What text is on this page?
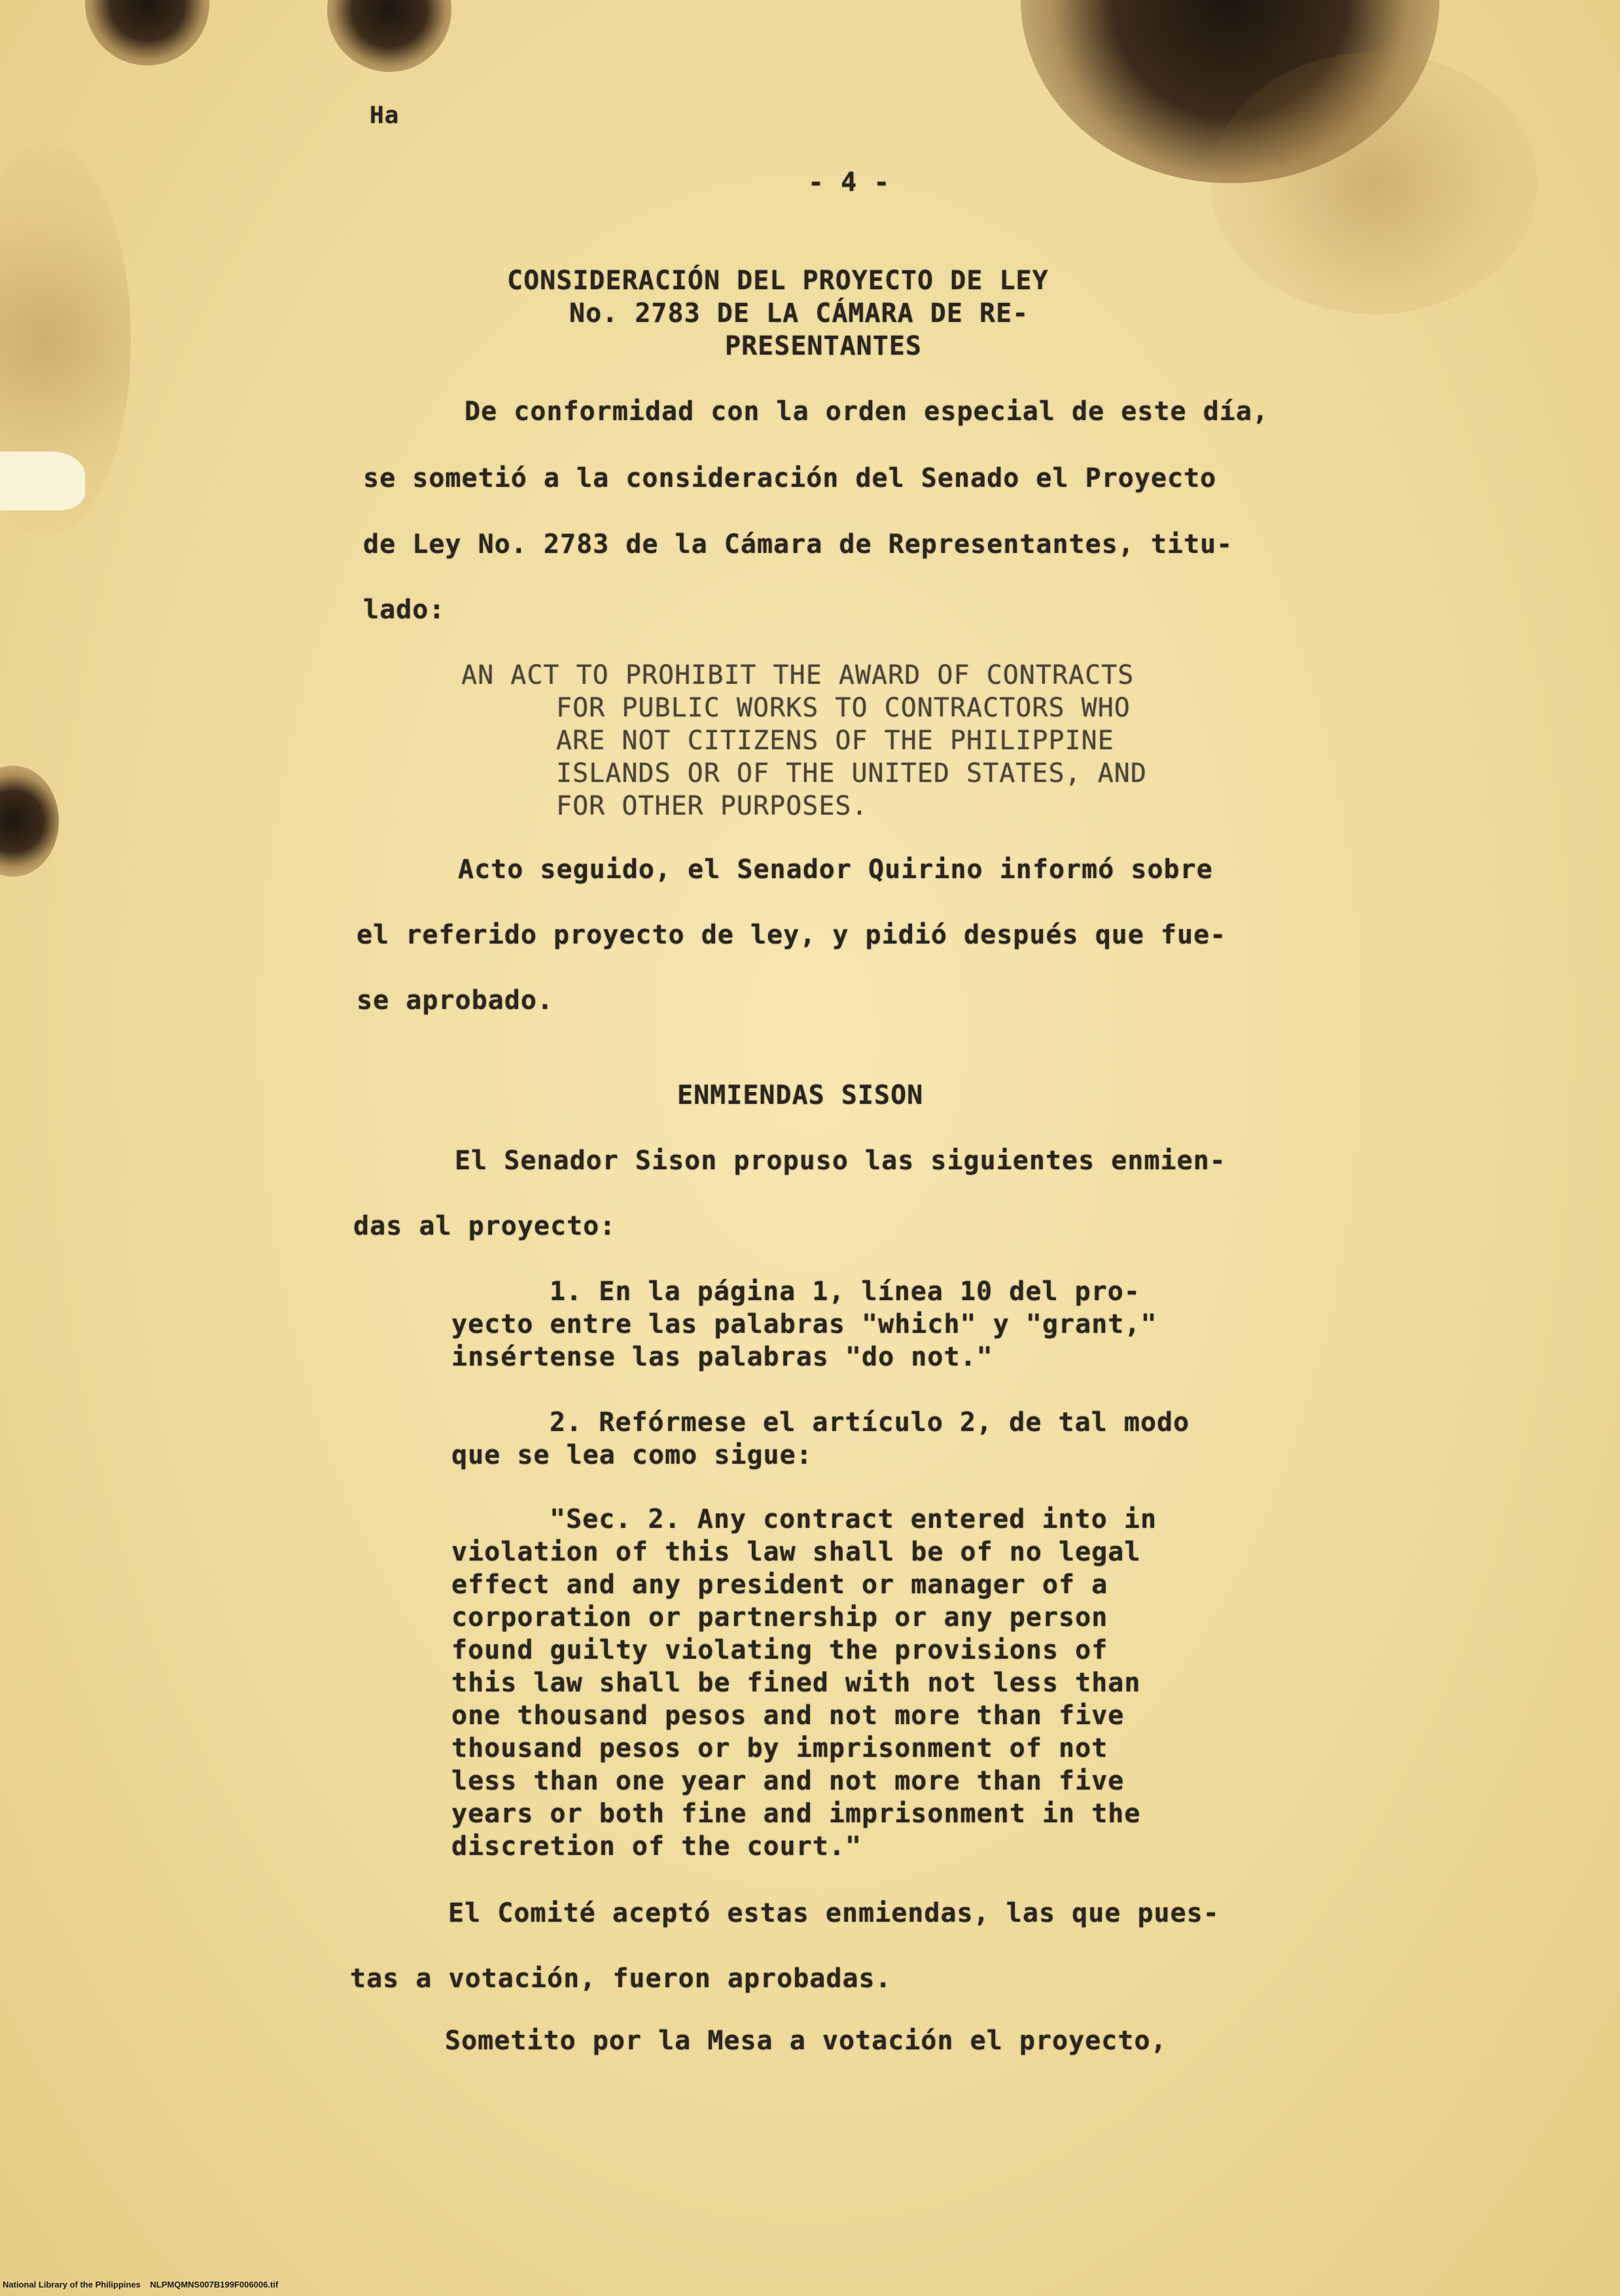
Ha
- 4 -
CONSIDERACIÓN DEL PROYECTO DE LEY
No. 2783 DE LA CÁMARA DE RE-
PRESENTANTES
De conformidad con la orden especial de este día,
se sometió a la consideración del Senado el Proyecto
de Ley No. 2783 de la Cámara de Representantes, titu-
lado:
AN ACT TO PROHIBIT THE AWARD OF CONTRACTS
FOR PUBLIC WORKS TO CONTRACTORS WHO
ARE NOT CITIZENS OF THE PHILIPPINE
ISLANDS OR OF THE UNITED STATES, AND
FOR OTHER PURPOSES.
Acto seguido, el Senador Quirino informó sobre
el referido proyecto de ley, y pidió después que fue-
se aprobado.
ENMIENDAS SISON
El Senador Sison propuso las siguientes enmien-
das al proyecto:
1. En la página 1, línea 10 del pro-
yecto entre las palabras "which" y "grant,"
insértense las palabras "do not."
2. Refórmese el artículo 2, de tal modo
que se lea como sigue:
"Sec. 2. Any contract entered into in
violation of this law shall be of no legal
effect and any president or manager of a
corporation or partnership or any person
found guilty violating the provisions of
this law shall be fined with not less than
one thousand pesos and not more than five
thousand pesos or by imprisonment of not
less than one year and not more than five
years or both fine and imprisonment in the
discretion of the court."
El Comité aceptó estas enmiendas, las que pues-
tas a votación, fueron aprobadas.
Sometito por la Mesa a votación el proyecto,
National Library of the Philippines NLPMQMNS007B199F006006.tif
